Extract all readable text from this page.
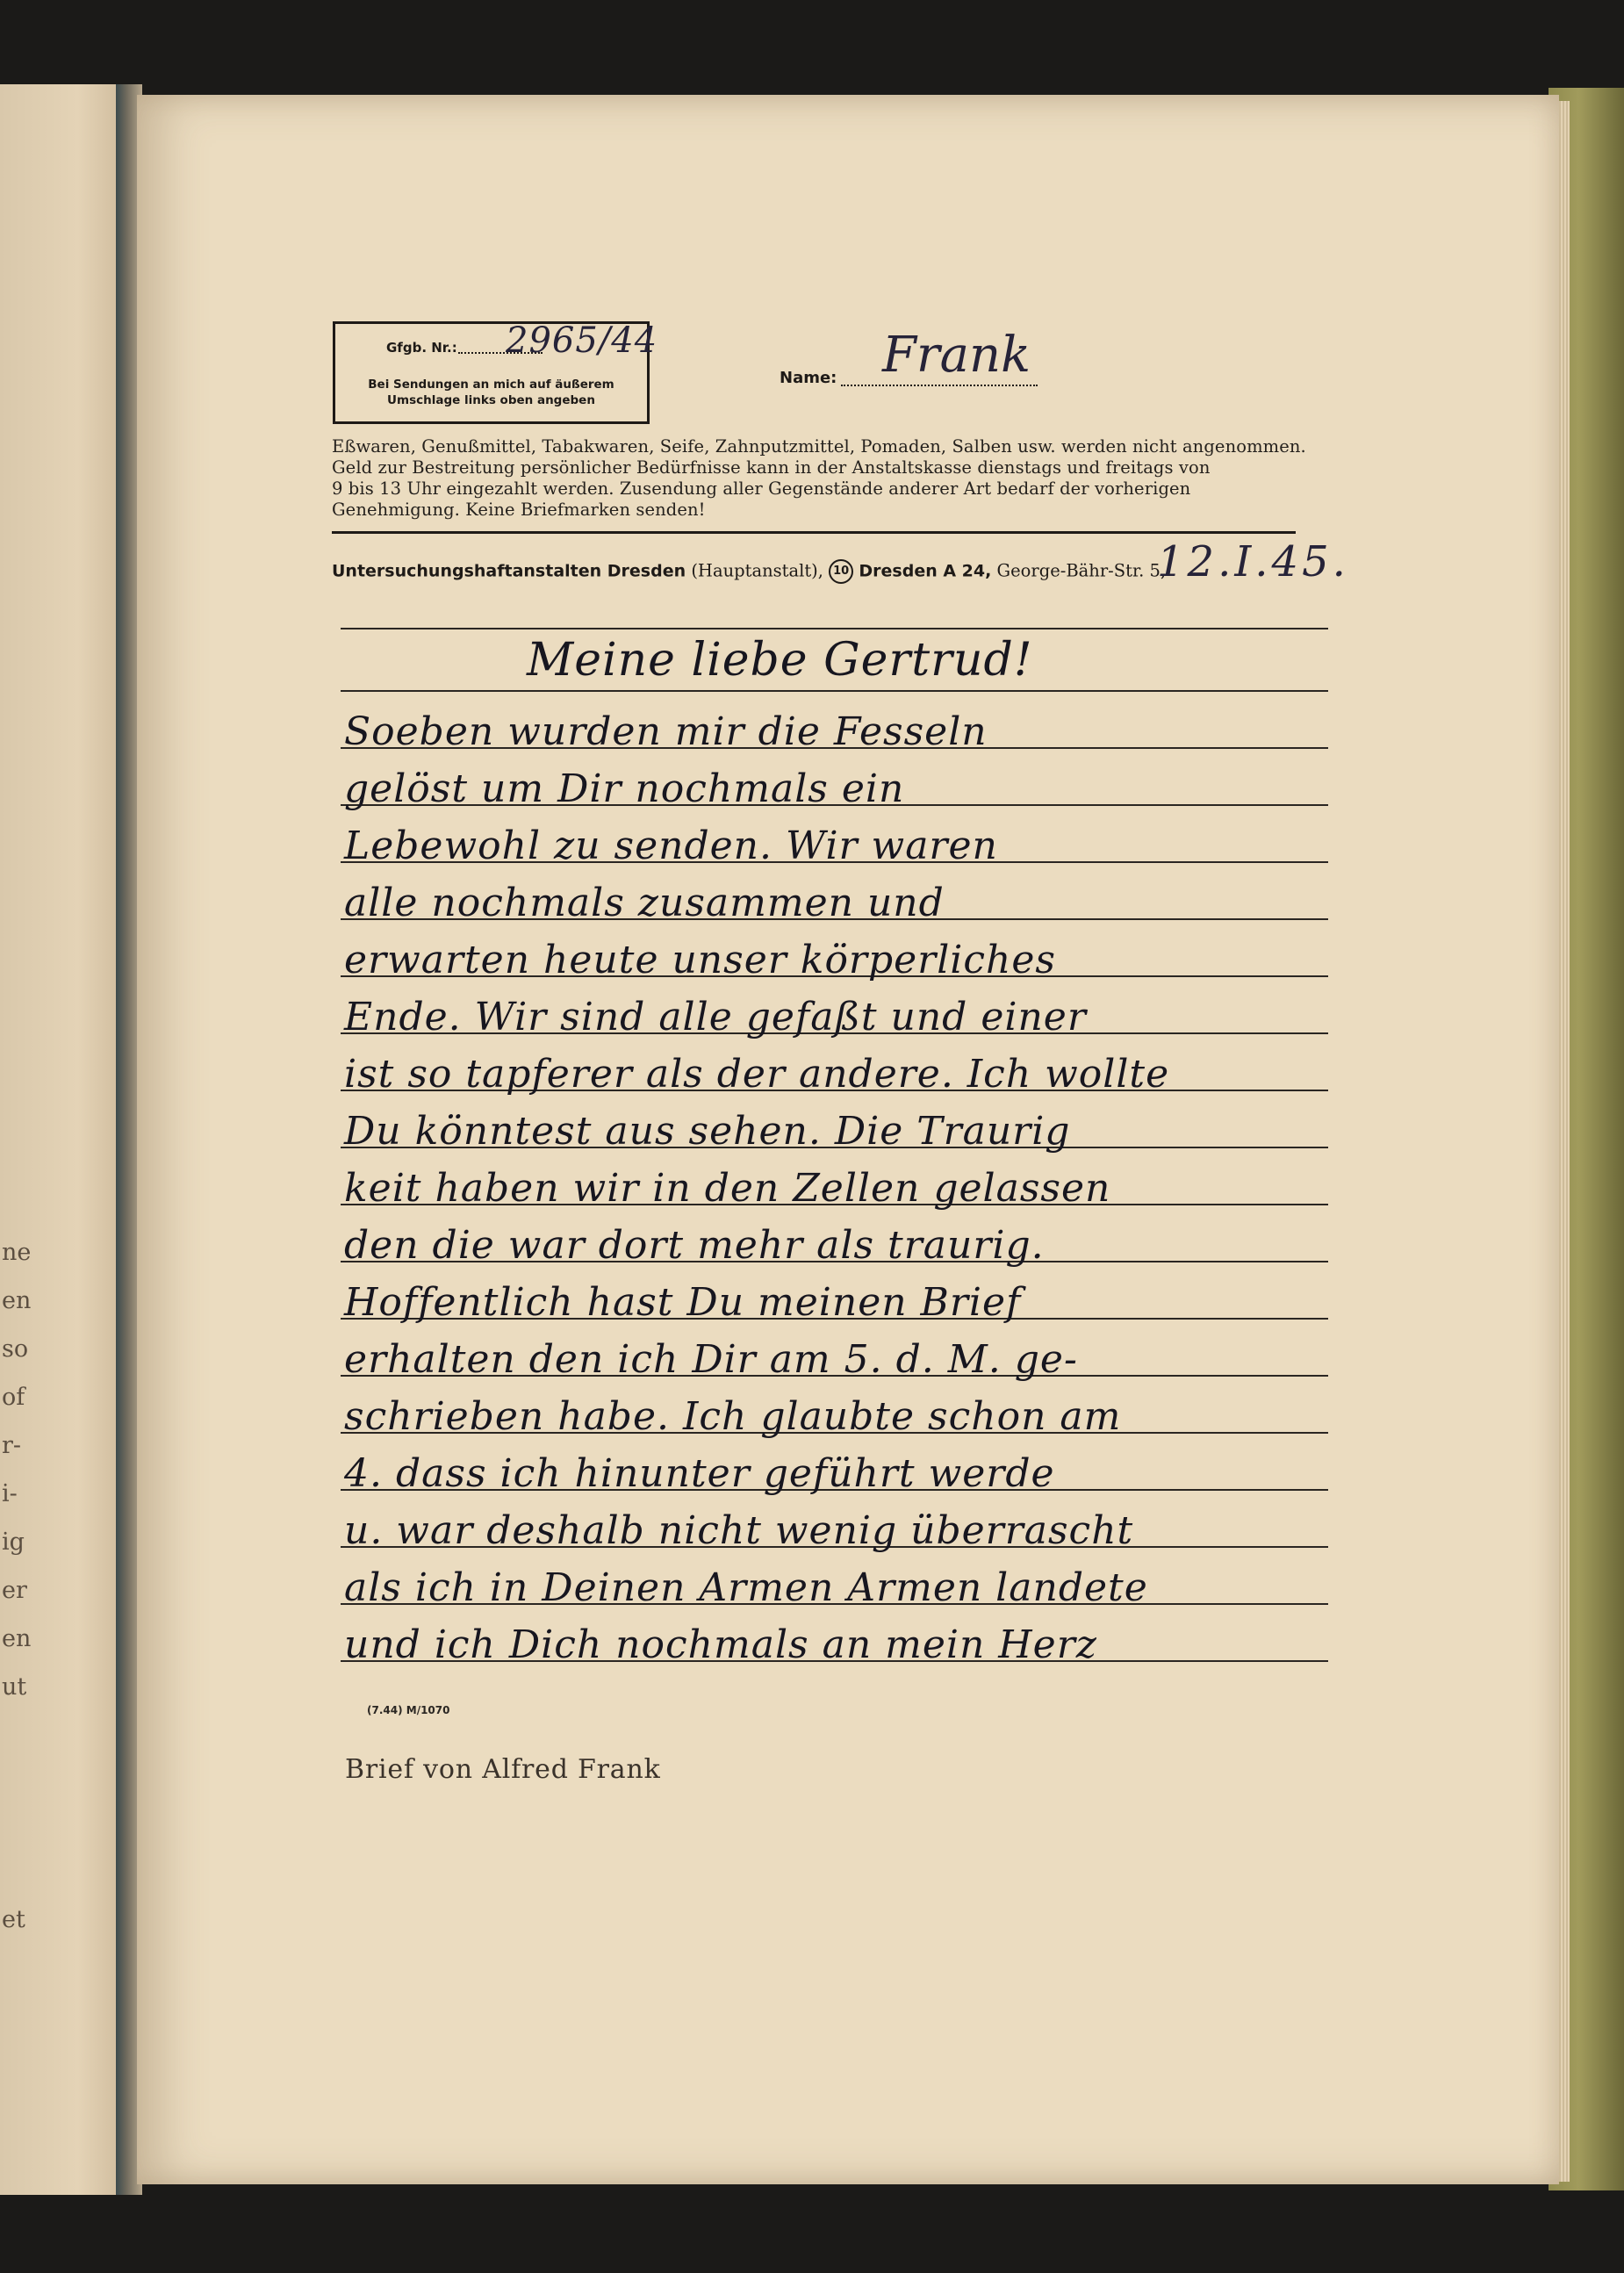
ne
en
so
of
r-
i-
ig
er
en
ut
et
Gfgb. Nr.: 2965/44
Bei Sendungen an mich auf äußerem
Umschlage links oben angeben
Name: Frank
Eßwaren, Genußmittel, Tabakwaren, Seife, Zahnputzmittel, Pomaden, Salben usw. werden nicht angenommen.
Geld zur Bestreitung persönlicher Bedürfnisse kann in der Anstaltskasse dienstags und freitags von
9 bis 13 Uhr eingezahlt werden. Zusendung aller Gegenstände anderer Art bedarf der vorherigen
Genehmigung. Keine Briefmarken senden!
Untersuchungshaftanstalten Dresden (Hauptanstalt), 10 Dresden A 24, George-Bähr-Str. 5,
12.I.45.
Meine liebe Gertrud!
Soeben wurden mir die Fesseln
gelöst um Dir nochmals ein
Lebewohl zu senden. Wir waren
alle nochmals zusammen und
erwarten heute unser körperliches
Ende. Wir sind alle gefaßt und einer
ist so tapferer als der andere. Ich wollte
Du könntest aus sehen. Die Traurig
keit haben wir in den Zellen gelassen
den die war dort mehr als traurig.
Hoffentlich hast Du meinen Brief
erhalten den ich Dir am 5. d. M. ge-
schrieben habe. Ich glaubte schon am
4. dass ich hinunter geführt werde
u. war deshalb nicht wenig überrascht
als ich in Deinen Armen Armen landete
und ich Dich nochmals an mein Herz
(7.44) M/1070
Brief von Alfred Frank
